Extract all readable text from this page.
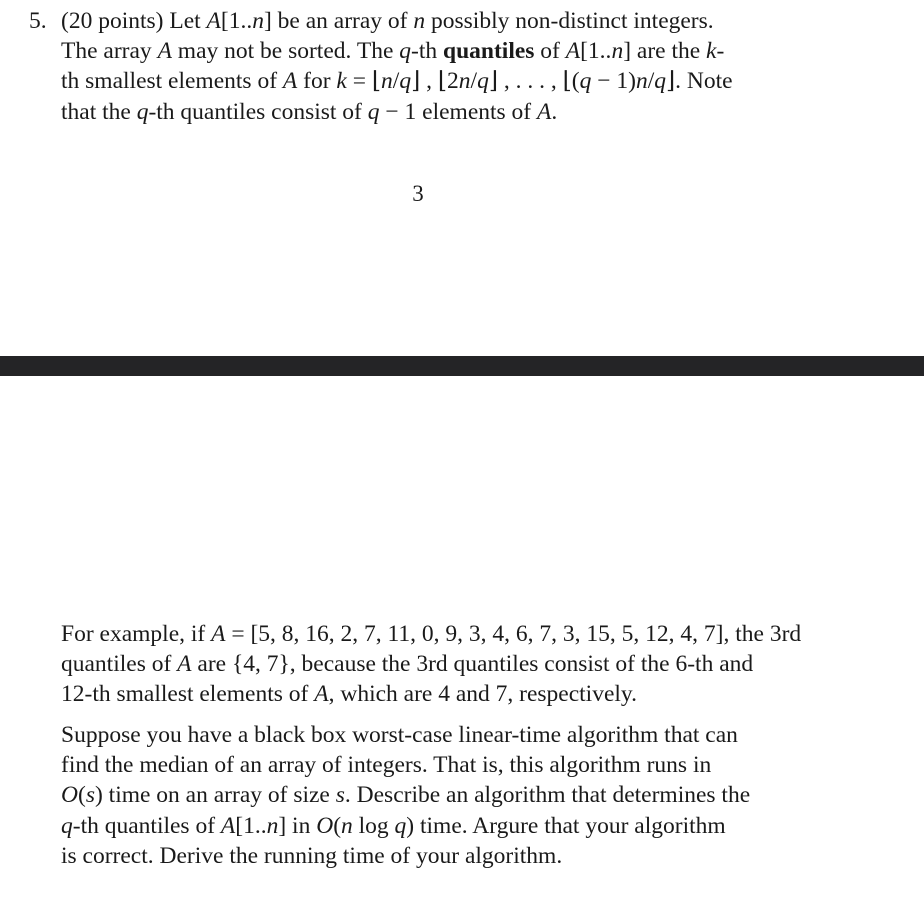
5. (20 points) Let A[1..n] be an array of n possibly non-distinct integers.
The array A may not be sorted. The q-th quantiles of A[1..n] are the k-
th smallest elements of A for k = ⌊n/q⌋ , ⌊2n/q⌋ , . . . , ⌊(q − 1)n/q⌋. Note
that the q-th quantiles consist of q − 1 elements of A.
3
For example, if A = [5, 8, 16, 2, 7, 11, 0, 9, 3, 4, 6, 7, 3, 15, 5, 12, 4, 7], the 3rd
quantiles of A are {4, 7}, because the 3rd quantiles consist of the 6-th and
12-th smallest elements of A, which are 4 and 7, respectively.
Suppose you have a black box worst-case linear-time algorithm that can
find the median of an array of integers. That is, this algorithm runs in
O(s) time on an array of size s. Describe an algorithm that determines the
q-th quantiles of A[1..n] in O(n log q) time. Argure that your algorithm
is correct. Derive the running time of your algorithm.
